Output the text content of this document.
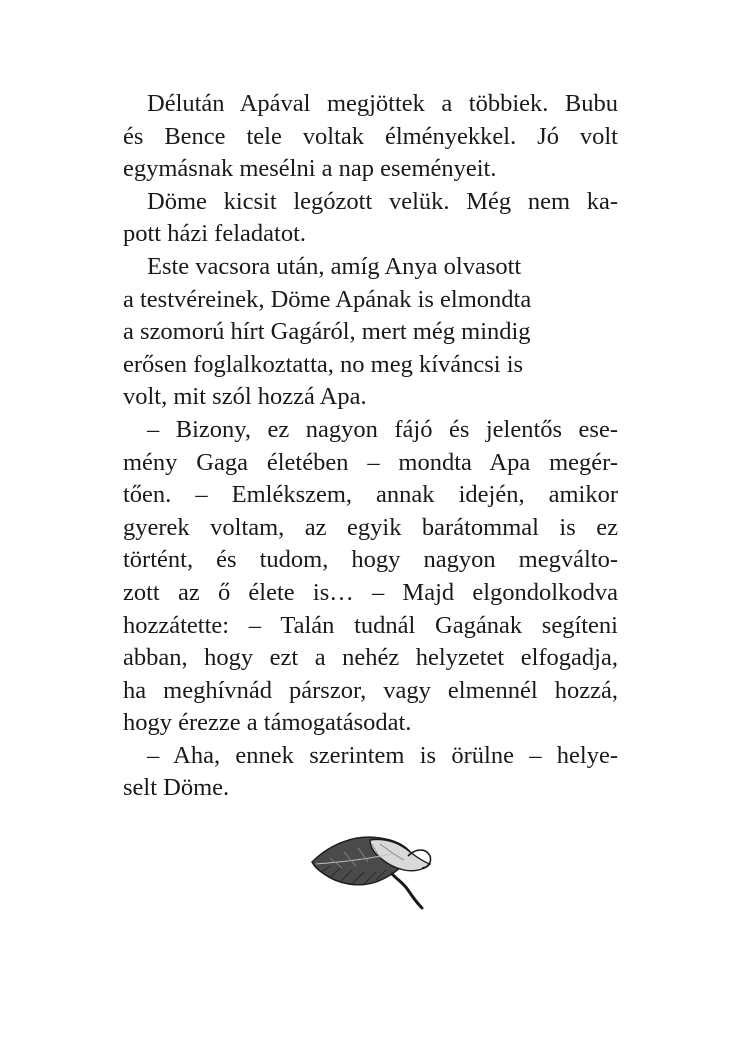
Délután Apával megjöttek a többiek. Bubu
és Bence tele voltak élményekkel. Jó volt
egymásnak mesélni a nap eseményeit.
Döme kicsit legózott velük. Még nem ka-
pott házi feladatot.
Este vacsora után, amíg Anya olvasott
a testvéreinek, Döme Apának is elmondta
a szomorú hírt Gagáról, mert még mindig
erősen foglalkoztatta, no meg kíváncsi is
volt, mit szól hozzá Apa.
– Bizony, ez nagyon fájó és jelentős ese-
mény Gaga életében – mondta Apa megér-
tően. – Emlékszem, annak idején, amikor
gyerek voltam, az egyik barátommal is ez
történt, és tudom, hogy nagyon megválto-
zott az ő élete is… – Majd elgondolkodva
hozzátette: – Talán tudnál Gagának segíteni
abban, hogy ezt a nehéz helyzetet elfogadja,
ha meghívnád párszor, vagy elmennél hozzá,
hogy érezze a támogatásodat.
– Aha, ennek szerintem is örülne – helye-
selt Döme.
